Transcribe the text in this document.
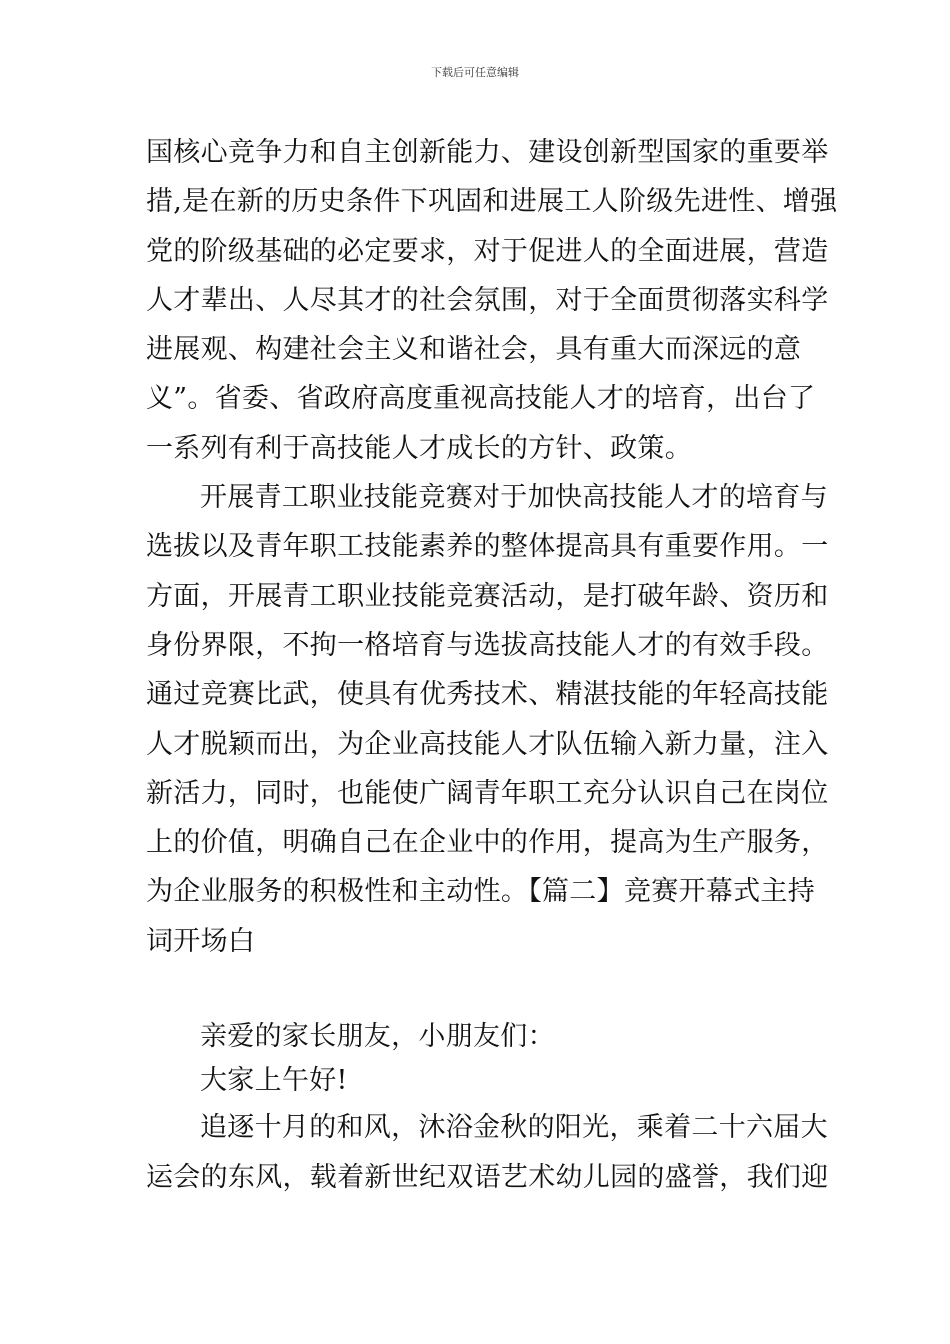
下载后可任意编辑
国核心竞争力和自主创新能力、建设创新型国家的重要举
措,是在新的历史条件下巩固和进展工人阶级先进性、增强
党的阶级基础的必定要求，对于促进人的全面进展，营造
人才辈出、人尽其才的社会氛围，对于全面贯彻落实科学
进展观、构建社会主义和谐社会，具有重大而深远的意
义”。省委、省政府高度重视高技能人才的培育，出台了
一系列有利于高技能人才成长的方针、政策。
开展青工职业技能竞赛对于加快高技能人才的培育与
选拔以及青年职工技能素养的整体提高具有重要作用。一
方面，开展青工职业技能竞赛活动，是打破年龄、资历和
身份界限，不拘一格培育与选拔高技能人才的有效手段。
通过竞赛比武，使具有优秀技术、精湛技能的年轻高技能
人才脱颖而出，为企业高技能人才队伍输入新力量，注入
新活力，同时，也能使广阔青年职工充分认识自己在岗位
上的价值，明确自己在企业中的作用，提高为生产服务，
为企业服务的积极性和主动性。【篇二】竞赛开幕式主持
词开场白
亲爱的家长朋友，小朋友们：
大家上午好!
追逐十月的和风，沐浴金秋的阳光，乘着二十六届大
运会的东风，载着新世纪双语艺术幼儿园的盛誉，我们迎
